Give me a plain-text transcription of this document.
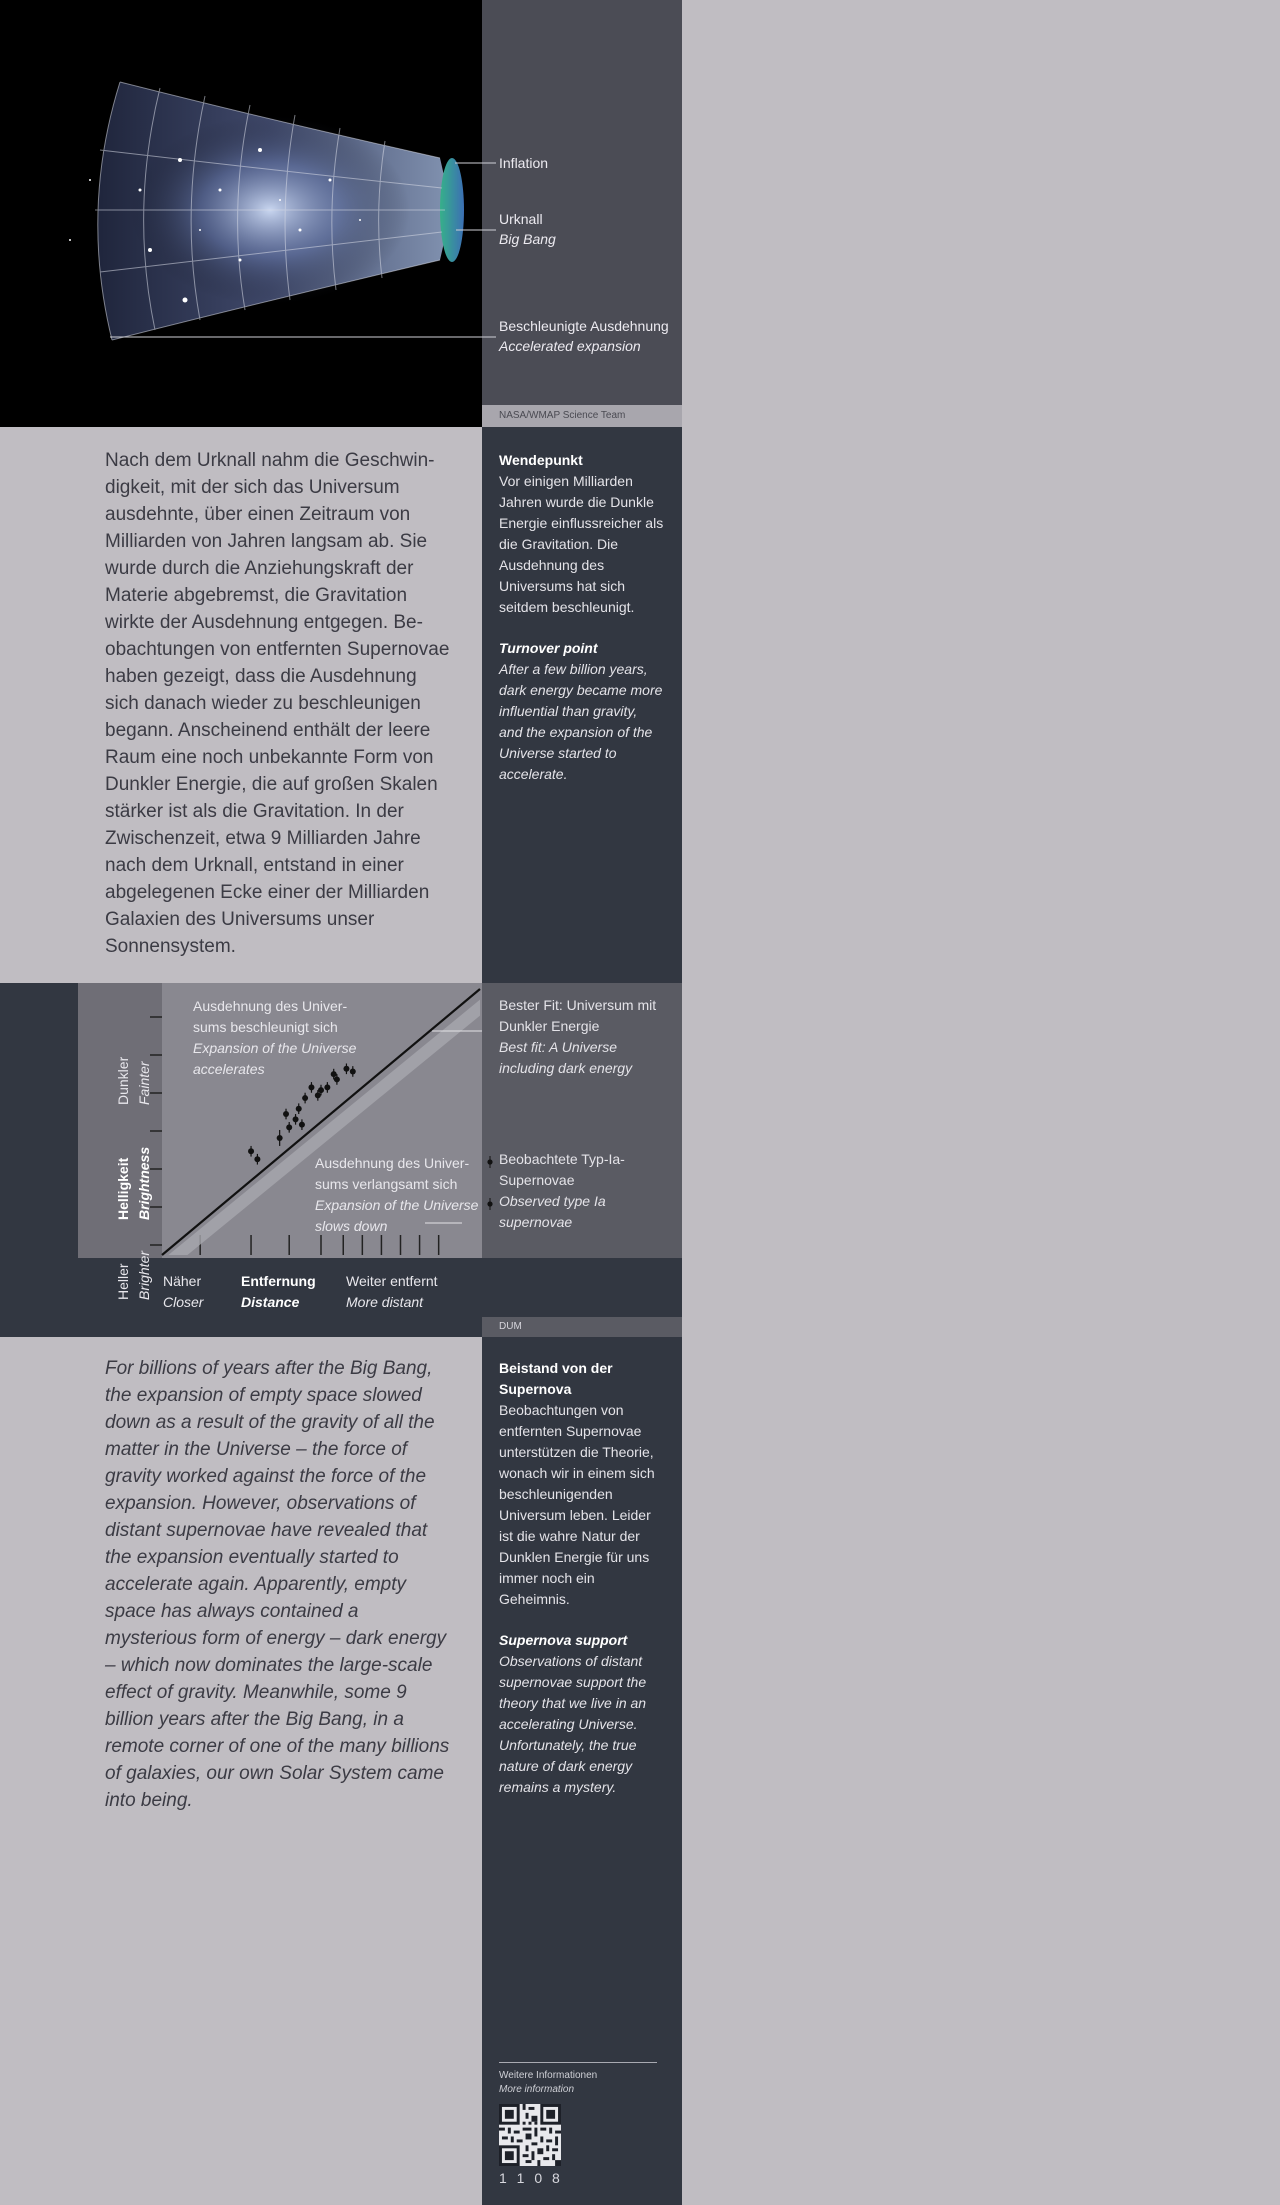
Inflation
Urknall
Big Bang
Beschleunigte Ausdehnung
Accelerated expansion
NASA/WMAP Science Team
Nach dem Urknall nahm die Geschwindigkeit, mit der sich das Universum ausdehnte, über einen Zeitraum von Milliarden von Jahren langsam ab. Sie wurde durch die Anziehungskraft der Materie abgebremst, die Gravitation wirkte der Ausdehnung entgegen. Beobachtungen von entfernten Supernovae haben gezeigt, dass die Ausdehnung sich danach wieder zu beschleunigen begann. Anscheinend enthält der leere Raum eine noch unbekannte Form von Dunkler Energie, die auf großen Skalen stärker ist als die Gravitation. In der Zwischenzeit, etwa 9 Milliarden Jahre nach dem Urknall, entstand in einer abgelegenen Ecke einer der Milliarden Galaxien des Universums unser Sonnensystem.
Wendepunkt
Vor einigen Milliarden Jahren wurde die Dunkle Energie einflussreicher als die Gravitation. Die Ausdehnung des Universums hat sich seitdem beschleunigt.
Turnover point
After a few billion years, dark energy became more influential than gravity, and the expansion of the Universe started to accelerate.
Bester Fit: Universum mit Dunkler Energie
Best fit: A Universe including dark energy
Beobachtete Typ-Ia-Supernovae
Observed type Ia supernovae
DUM
Dunkler Fainter
Helligkeit Brightness
Heller Brighter
Ausdehnung des Universums beschleunigt sich
Expansion of the Universe accelerates
Ausdehnung des Universums verlangsamt sich
Expansion of the Universe slows down
Näher
Closer
Entfernung
Distance
Weiter entfernt
More distant
For billions of years after the Big Bang, the expansion of empty space slowed down as a result of the gravity of all the matter in the Universe – the force of gravity worked against the force of the expansion. However, observations of distant supernovae have revealed that the expansion eventually started to accelerate again. Apparently, empty space has always contained a mysterious form of energy – dark energy – which now dominates the large-scale effect of gravity. Meanwhile, some 9 billion years after the Big Bang, in a remote corner of one of the many billions of galaxies, our own Solar System came into being.
Beistand von der Supernova
Beobachtungen von entfernten Supernovae unterstützen die Theorie, wonach wir in einem sich beschleunigenden Universum leben. Leider ist die wahre Natur der Dunklen Energie für uns immer noch ein Geheimnis.
Supernova support
Observations of distant supernovae support the theory that we live in an accelerating Universe. Unfortunately, the true nature of dark energy remains a mystery.
Weitere Informationen
More information
1 1 0 8
